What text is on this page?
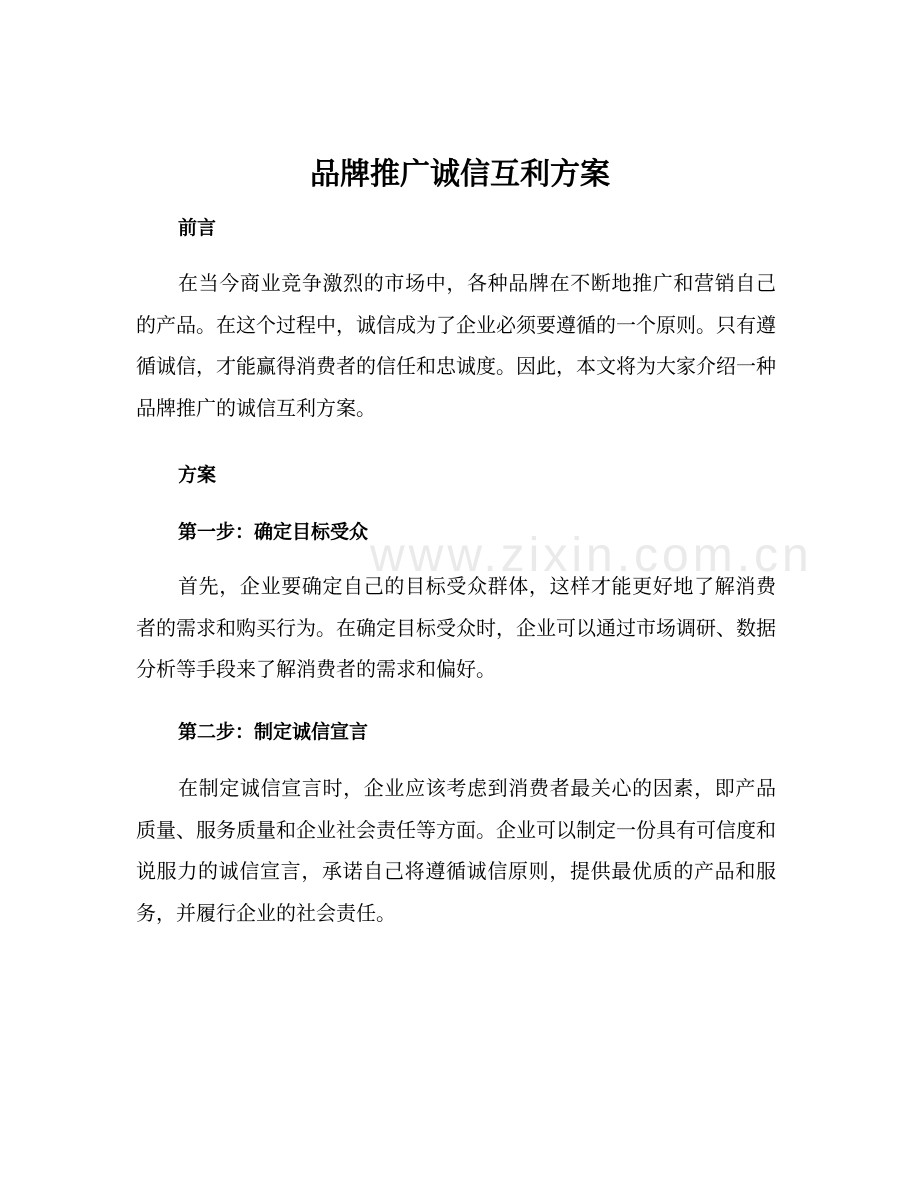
www.zixin.com.cn
品牌推广诚信互利方案
前言

在当今商业竞争激烈的市场中，各种品牌在不断地推广和营销自己的产品。在这个过程中，诚信成为了企业必须要遵循的一个原则。只有遵循诚信，才能赢得消费者的信任和忠诚度。因此，本文将为大家介绍一种品牌推广的诚信互利方案。

方案
第一步：确定目标受众

首先，企业要确定自己的目标受众群体，这样才能更好地了解消费者的需求和购买行为。在确定目标受众时，企业可以通过市场调研、数据分析等手段来了解消费者的需求和偏好。

第二步：制定诚信宣言

在制定诚信宣言时，企业应该考虑到消费者最关心的因素，即产品质量、服务质量和企业社会责任等方面。企业可以制定一份具有可信度和说服力的诚信宣言，承诺自己将遵循诚信原则，提供最优质的产品和服务，并履行企业的社会责任。
